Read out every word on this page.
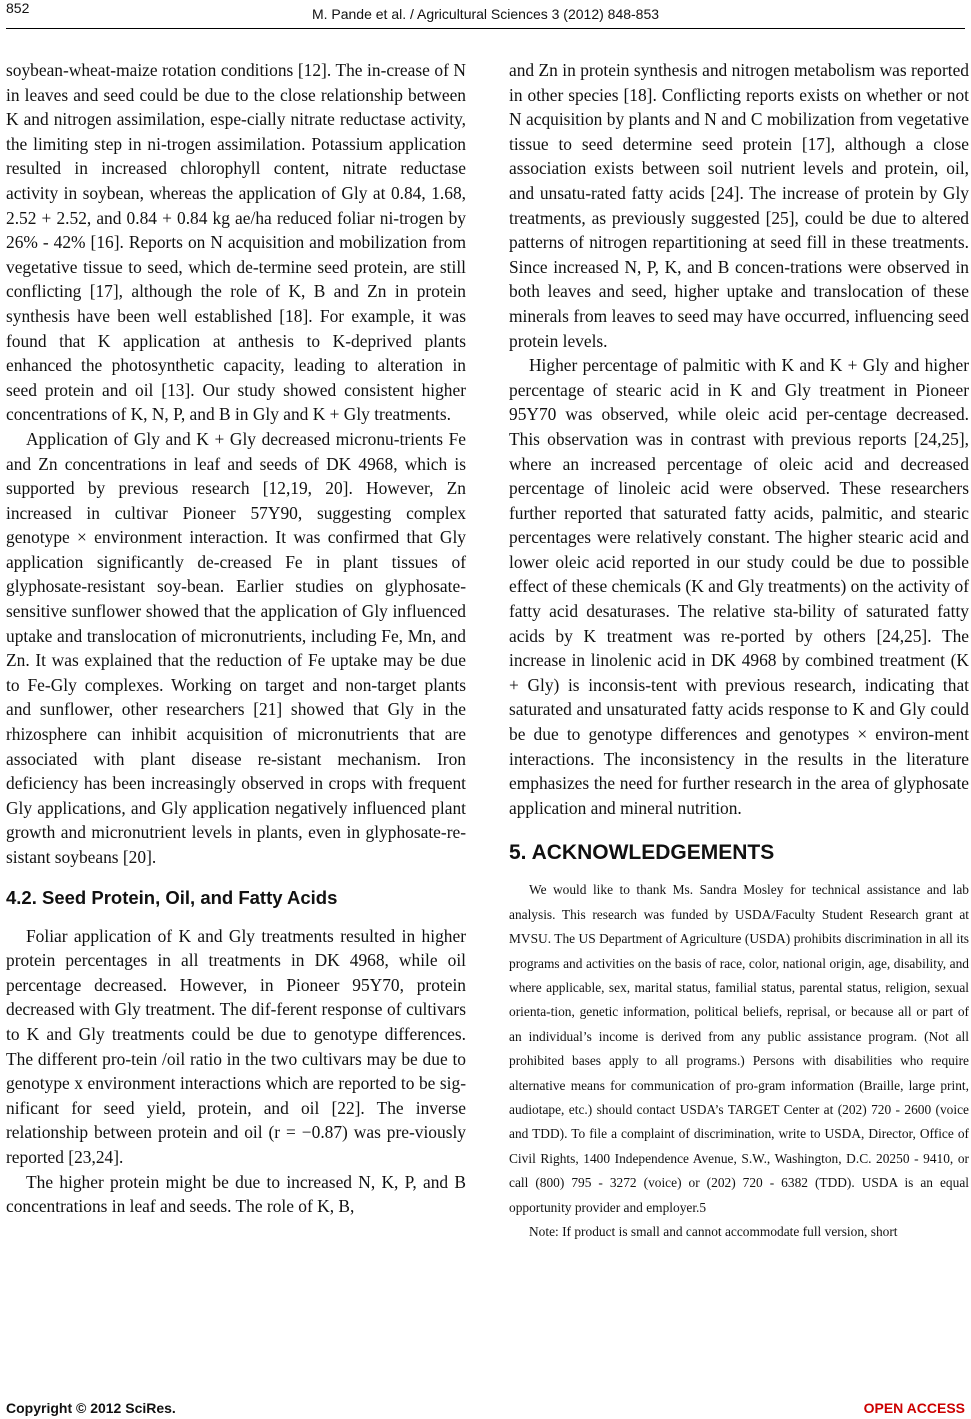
852	M. Pande et al. / Agricultural Sciences 3 (2012) 848-853

soybean-wheat-maize rotation conditions [12]. The in-crease of N in leaves and seed could be due to the close relationship between K and nitrogen assimilation, espe-cially nitrate reductase activity, the limiting step in ni-trogen assimilation. Potassium application resulted in increased chlorophyll content, nitrate reductase activity in soybean, whereas the application of Gly at 0.84, 1.68, 2.52 + 2.52, and 0.84 + 0.84 kg ae/ha reduced foliar ni-trogen by 26% - 42% [16]. Reports on N acquisition and mobilization from vegetative tissue to seed, which de-termine seed protein, are still conflicting [17], although the role of K, B and Zn in protein synthesis have been well established [18]. For example, it was found that K application at anthesis to K-deprived plants enhanced the photosynthetic capacity, leading to alteration in seed protein and oil [13]. Our study showed consistent higher concentrations of K, N, P, and B in Gly and K + Gly treatments.

Application of Gly and K + Gly decreased micronu-trients Fe and Zn concentrations in leaf and seeds of DK 4968, which is supported by previous research [12,19, 20]. However, Zn increased in cultivar Pioneer 57Y90, suggesting complex genotype × environment interaction. It was confirmed that Gly application significantly de-creased Fe in plant tissues of glyphosate-resistant soy-bean. Earlier studies on glyphosate-sensitive sunflower showed that the application of Gly influenced uptake and translocation of micronutrients, including Fe, Mn, and Zn. It was explained that the reduction of Fe uptake may be due to Fe-Gly complexes. Working on target and non-target plants and sunflower, other researchers [21] showed that Gly in the rhizosphere can inhibit acquisition of micronutrients that are associated with plant disease re-sistant mechanism. Iron deficiency has been increasingly observed in crops with frequent Gly applications, and Gly application negatively influenced plant growth and micronutrient levels in plants, even in glyphosate-re-sistant soybeans [20].

4.2. Seed Protein, Oil, and Fatty Acids

Foliar application of K and Gly treatments resulted in higher protein percentages in all treatments in DK 4968, while oil percentage decreased. However, in Pioneer 95Y70, protein decreased with Gly treatment. The dif-ferent response of cultivars to K and Gly treatments could be due to genotype differences. The different pro-tein /oil ratio in the two cultivars may be due to genotype x environment interactions which are reported to be sig-nificant for seed yield, protein, and oil [22]. The inverse relationship between protein and oil (r = −0.87) was pre-viously reported [23,24].

The higher protein might be due to increased N, K, P, and B concentrations in leaf and seeds. The role of K, B,

and Zn in protein synthesis and nitrogen metabolism was reported in other species [18]. Conflicting reports exists on whether or not N acquisition by plants and N and C mobilization from vegetative tissue to seed determine seed protein [17], although a close association exists between soil nutrient levels and protein, oil, and unsatu-rated fatty acids [24]. The increase of protein by Gly treatments, as previously suggested [25], could be due to altered patterns of nitrogen repartitioning at seed fill in these treatments. Since increased N, P, K, and B concen-trations were observed in both leaves and seed, higher uptake and translocation of these minerals from leaves to seed may have occurred, influencing seed protein levels.

Higher percentage of palmitic with K and K + Gly and higher percentage of stearic acid in K and Gly treatment in Pioneer 95Y70 was observed, while oleic acid per-centage decreased. This observation was in contrast with previous reports [24,25], where an increased percentage of oleic acid and decreased percentage of linoleic acid were observed. These researchers further reported that saturated fatty acids, palmitic, and stearic percentages were relatively constant. The higher stearic acid and lower oleic acid reported in our study could be due to possible effect of these chemicals (K and Gly treatments) on the activity of fatty acid desaturases. The relative sta-bility of saturated fatty acids by K treatment was re-ported by others [24,25]. The increase in linolenic acid in DK 4968 by combined treatment (K + Gly) is inconsis-tent with previous research, indicating that saturated and unsaturated fatty acids response to K and Gly could be due to genotype differences and genotypes × environ-ment interactions. The inconsistency in the results in the literature emphasizes the need for further research in the area of glyphosate application and mineral nutrition.

5. ACKNOWLEDGEMENTS

We would like to thank Ms. Sandra Mosley for technical assistance and lab analysis. This research was funded by USDA/Faculty Student Research grant at MVSU. The US Department of Agriculture (USDA) prohibits discrimination in all its programs and activities on the basis of race, color, national origin, age, disability, and where applicable, sex, marital status, familial status, parental status, religion, sexual orienta-tion, genetic information, political beliefs, reprisal, or because all or part of an individual’s income is derived from any public assistance program. (Not all prohibited bases apply to all programs.) Persons with disabilities who require alternative means for communication of pro-gram information (Braille, large print, audiotape, etc.) should contact USDA’s TARGET Center at (202) 720 - 2600 (voice and TDD). To file a complaint of discrimination, write to USDA, Director, Office of Civil Rights, 1400 Independence Avenue, S.W., Washington, D.C. 20250 - 9410, or call (800) 795 - 3272 (voice) or (202) 720 - 6382 (TDD). USDA is an equal opportunity provider and employer.5

Note: If product is small and cannot accommodate full version, short

Copyright © 2012 SciRes.	OPEN ACCESS
